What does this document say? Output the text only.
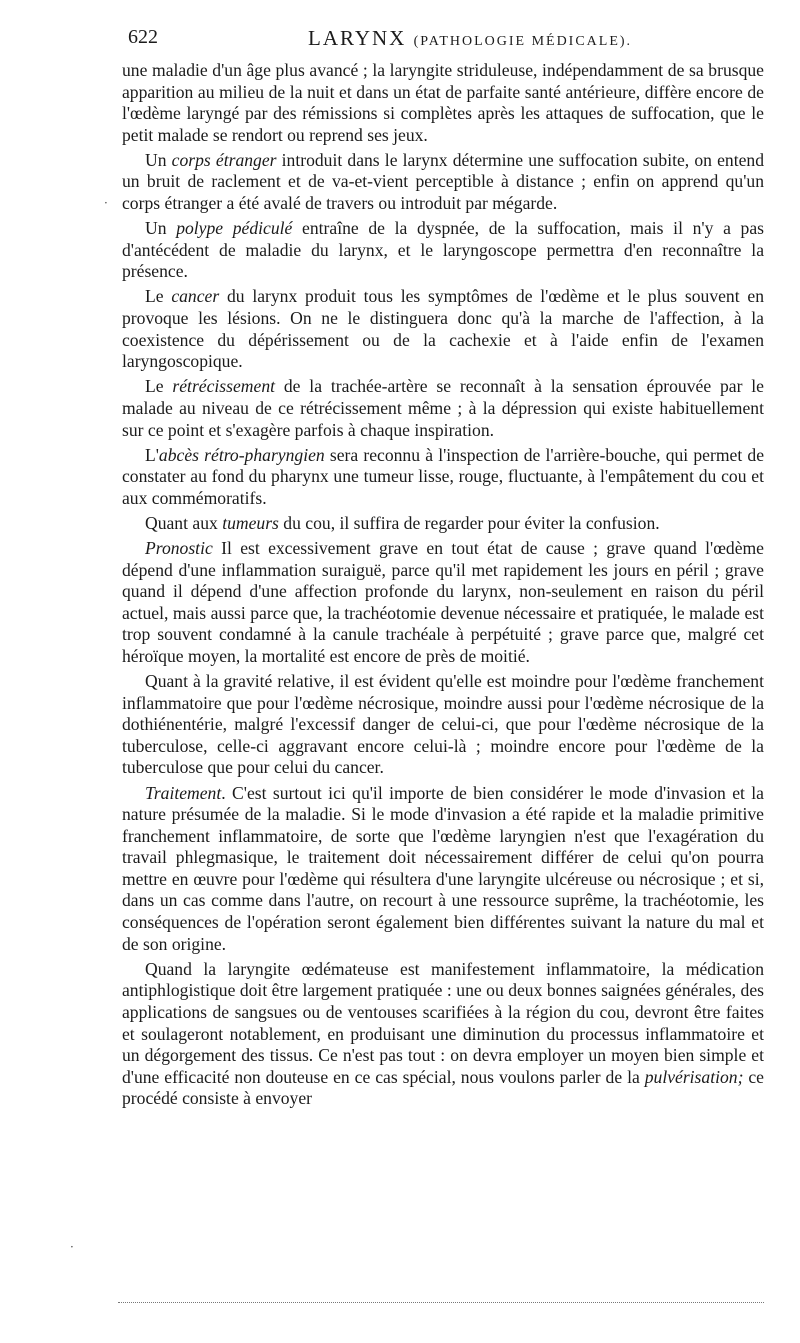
622	LARYNX (PATHOLOGIE MÉDICALE).
·
·

une maladie d'un âge plus avancé ; la laryngite striduleuse, indépendamment de sa brusque apparition au milieu de la nuit et dans un état de parfaite santé antérieure, diffère encore de l'œdème laryngé par des rémissions si complètes après les attaques de suffocation, que le petit malade se rendort ou reprend ses jeux.

Un corps étranger introduit dans le larynx détermine une suffocation subite, on entend un bruit de raclement et de va-et-vient perceptible à distance ; enfin on apprend qu'un corps étranger a été avalé de travers ou introduit par mégarde.

Un polype pédiculé entraîne de la dyspnée, de la suffocation, mais il n'y a pas d'antécédent de maladie du larynx, et le laryngoscope permettra d'en reconnaître la présence.

Le cancer du larynx produit tous les symptômes de l'œdème et le plus souvent en provoque les lésions. On ne le distinguera donc qu'à la marche de l'affection, à la coexistence du dépérissement ou de la cachexie et à l'aide enfin de l'examen laryngoscopique.

Le rétrécissement de la trachée-artère se reconnaît à la sensation éprouvée par le malade au niveau de ce rétrécissement même ; à la dépression qui existe habituellement sur ce point et s'exagère parfois à chaque inspiration.

L'abcès rétro-pharyngien sera reconnu à l'inspection de l'arrière-bouche, qui permet de constater au fond du pharynx une tumeur lisse, rouge, fluctuante, à l'empâtement du cou et aux commémoratifs.

Quant aux tumeurs du cou, il suffira de regarder pour éviter la confusion.

Pronostic Il est excessivement grave en tout état de cause ; grave quand l'œdème dépend d'une inflammation suraiguë, parce qu'il met rapidement les jours en péril ; grave quand il dépend d'une affection profonde du larynx, non-seulement en raison du péril actuel, mais aussi parce que, la trachéotomie devenue nécessaire et pratiquée, le malade est trop souvent condamné à la canule trachéale à perpétuité ; grave parce que, malgré cet héroïque moyen, la mortalité est encore de près de moitié.

Quant à la gravité relative, il est évident qu'elle est moindre pour l'œdème franchement inflammatoire que pour l'œdème nécrosique, moindre aussi pour l'œdème nécrosique de la dothiénentérie, malgré l'excessif danger de celui-ci, que pour l'œdème nécrosique de la tuberculose, celle-ci aggravant encore celui-là ; moindre encore pour l'œdème de la tuberculose que pour celui du cancer.

Traitement. C'est surtout ici qu'il importe de bien considérer le mode d'invasion et la nature présumée de la maladie. Si le mode d'invasion a été rapide et la maladie primitive franchement inflammatoire, de sorte que l'œdème laryngien n'est que l'exagération du travail phlegmasique, le traitement doit nécessairement différer de celui qu'on pourra mettre en œuvre pour l'œdème qui résultera d'une laryngite ulcéreuse ou nécrosique ; et si, dans un cas comme dans l'autre, on recourt à une ressource suprême, la trachéotomie, les conséquences de l'opération seront également bien différentes suivant la nature du mal et de son origine.

Quand la laryngite œdémateuse est manifestement inflammatoire, la médication antiphlogistique doit être largement pratiquée : une ou deux bonnes saignées générales, des applications de sangsues ou de ventouses scarifiées à la région du cou, devront être faites et soulageront notablement, en produisant une diminution du processus inflammatoire et un dégorgement des tissus. Ce n'est pas tout : on devra employer un moyen bien simple et d'une efficacité non douteuse en ce cas spécial, nous voulons parler de la pulvérisation; ce procédé consiste à envoyer
